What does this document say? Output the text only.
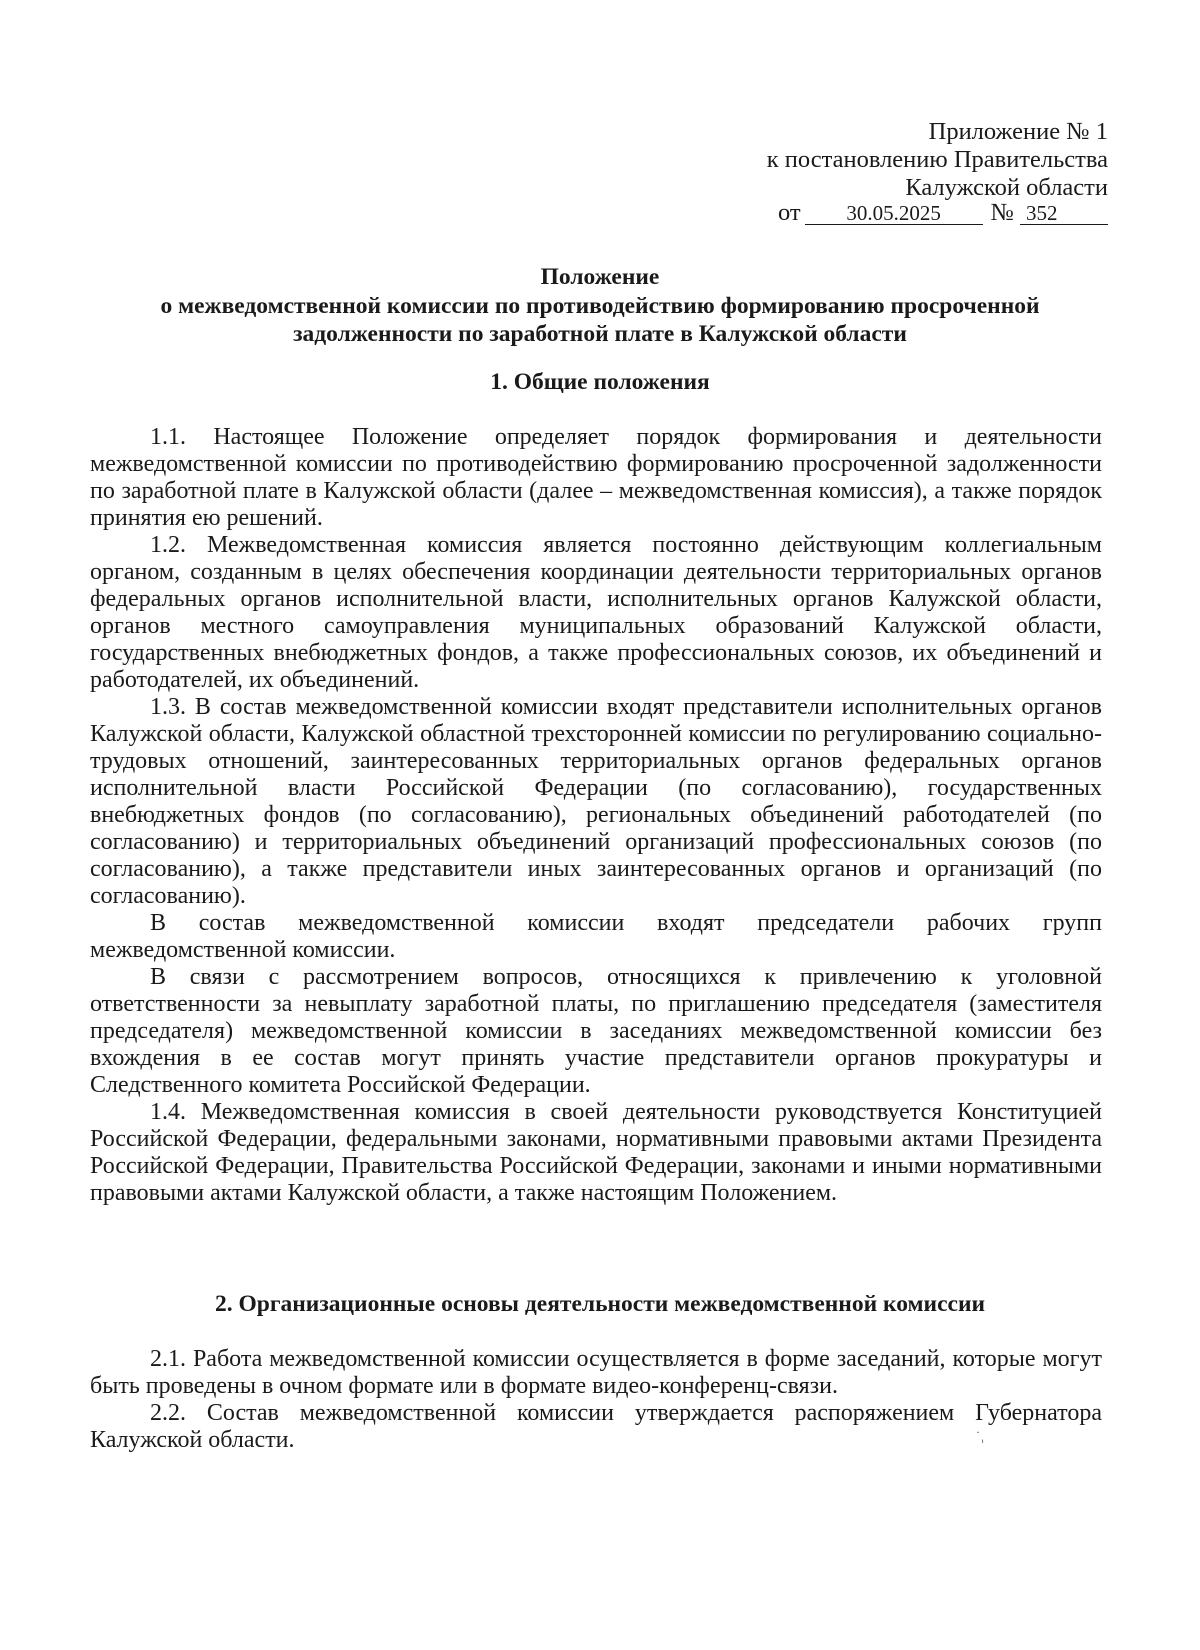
Приложение № 1
к постановлению Правительства
Калужской области
от	30.05.2025	№ 352
Положение
о межведомственной комиссии по противодействию формированию просроченной
задолженности по заработной плате в Калужской области
1. Общие положения

1.1. Настоящее Положение определяет порядок формирования и деятельности межведомственной комиссии по противодействию формированию просроченной задолженности по заработной плате в Калужской области (далее – межведомственная комиссия), а также порядок принятия ею решений.

1.2. Межведомственная комиссия является постоянно действующим коллегиальным органом, созданным в целях обеспечения координации деятельности территориальных органов федеральных органов исполнительной власти, исполнительных органов Калужской области, органов местного самоуправления муниципальных образований Калужской области, государственных внебюджетных фондов, а также профессиональных союзов, их объединений и работодателей, их объединений.

1.3. В состав межведомственной комиссии входят представители исполнительных органов Калужской области, Калужской областной трехсторонней комиссии по регулированию социально-трудовых отношений, заинтересованных территориальных органов федеральных органов исполнительной власти Российской Федерации (по согласованию), государственных внебюджетных фондов (по согласованию), региональных объединений работодателей (по согласованию) и территориальных объединений организаций профессиональных союзов (по согласованию), а также представители иных заинтересованных органов и организаций (по согласованию).

В состав межведомственной комиссии входят председатели рабочих групп межведомственной комиссии.

В связи с рассмотрением вопросов, относящихся к привлечению к уголовной ответственности за невыплату заработной платы, по приглашению председателя (заместителя председателя) межведомственной комиссии в заседаниях межведомственной комиссии без вхождения в ее состав могут принять участие представители органов прокуратуры и Следственного комитета Российской Федерации.

1.4. Межведомственная комиссия в своей деятельности руководствуется Конституцией Российской Федерации, федеральными законами, нормативными правовыми актами Президента Российской Федерации, Правительства Российской Федерации, законами и иными нормативными правовыми актами Калужской области, а также настоящим Положением.

2. Организационные основы деятельности межведомственной комиссии

2.1. Работа межведомственной комиссии осуществляется в форме заседаний, которые могут быть проведены в очном формате или в формате видео-конференц-связи.

2.2. Состав межведомственной комиссии утверждается распоряжением Губернатора Калужской области.	˙ˌ
